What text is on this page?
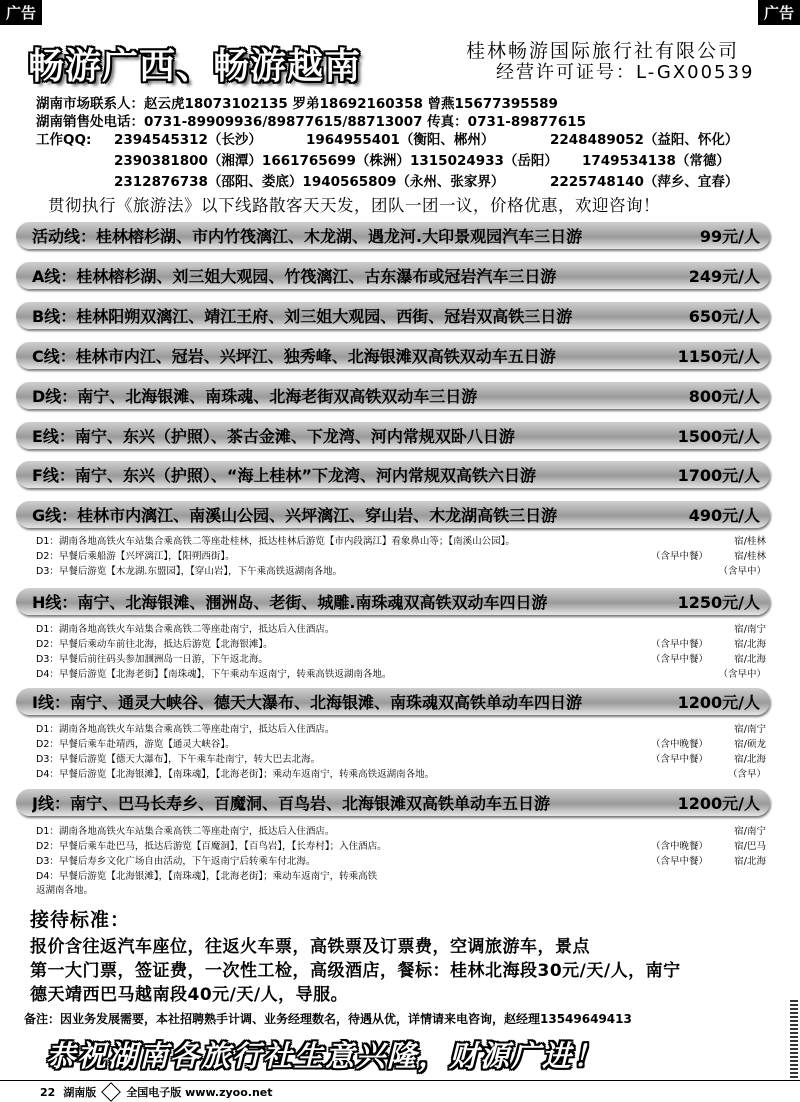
广告	广告
畅游广西、畅游越南	桂林畅游国际旅行社有限公司
经营许可证号：L-GX00539
湖南市场联系人：赵云虎18073102135 罗弟18692160358 曾燕15677395589
湖南销售处电话：0731-89909936/89877615/88713007 传真：0731-89877615
工作QQ: 2394545312（长沙）	1964955401（衡阳、郴州）	2248489052（益阳、怀化）
2390381800（湘潭）1661765699（株洲） 1315024933（岳阳） 1749534138（常德）
2312876738（邵阳、娄底）1940565809（永州、张家界）	2225748140（萍乡、宜春）
贯彻执行《旅游法》以下线路散客天天发，团队一团一议，价格优惠，欢迎咨询！
活动线：桂林榕杉湖、市内竹筏漓江、木龙湖、遇龙河.大印景观园汽车三日游	99元/人
A线：桂林榕杉湖、刘三姐大观园、竹筏漓江、古东瀑布或冠岩汽车三日游	249元/人
B线：桂林阳朔双漓江、靖江王府、刘三姐大观园、西街、冠岩双高铁三日游	650元/人
C线：桂林市内江、冠岩、兴坪江、独秀峰、北海银滩双高铁双动车五日游	1150元/人
D线：南宁、北海银滩、南珠魂、北海老街双高铁双动车三日游	800元/人
E线：南宁、东兴（护照）、茶古金滩、下龙湾、河内常规双卧八日游	1500元/人
F线：南宁、东兴（护照）、“海上桂林”下龙湾、河内常规双高铁六日游	1700元/人
G线：桂林市内漓江、南溪山公园、兴坪漓江、穿山岩、木龙湖高铁三日游	490元/人
D1：湖南各地高铁火车站集合乘高铁二等座赴桂林，抵达桂林后游览【市内段漓江】看象鼻山等；【南溪山公园】。	宿/桂林
D2：早餐后乘船游【兴坪漓江】，【阳朔西街】。	（含早中餐）	宿/桂林
D3：早餐后游览【木龙湖.东盟园】，【穿山岩】，下午乘高铁返湖南各地。	（含早中）
H线：南宁、北海银滩、涠洲岛、老街、城雕.南珠魂双高铁双动车四日游	1250元/人
D1：湖南各地高铁火车站集合乘高铁二等座赴南宁，抵达后入住酒店。	宿/南宁
D2：早餐后乘动车前往北海，抵达后游览【北海银滩】。	（含早中餐）	宿/北海
D3：早餐后前往码头参加涠洲岛一日游，下午返北海。	（含早中餐）	宿/北海
D4：早餐后游览【北海老街】【南珠魂】，下午乘动车返南宁，转乘高铁返湖南各地。	（含早中）
I线：南宁、通灵大峡谷、德天大瀑布、北海银滩、南珠魂双高铁单动车四日游	1200元/人
D1：湖南各地高铁火车站集合乘高铁二等座赴南宁，抵达后入住酒店。	宿/南宁
D2：早餐后乘车赴靖西，游览【通灵大峡谷】。	（含中晚餐）	宿/硕龙
D3：早餐后游览【德天大瀑布】，下午乘车赴南宁，转大巴去北海。	（含早中餐）	宿/北海
D4：早餐后游览【北海银滩】，【南珠魂】，【北海老街】；乘动车返南宁，转乘高铁返湖南各地。	（含早）
J线：南宁、巴马长寿乡、百魔洞、百鸟岩、北海银滩双高铁单动车五日游	1200元/人
D1：湖南各地高铁火车站集合乘高铁二等座赴南宁，抵达后入住酒店。	宿/南宁
D2：早餐后乘车赴巴马，抵达后游览【百魔洞】，【百鸟岩】，【长寿村】；入住酒店。	（含中晚餐）	宿/巴马
D3：早餐后寿乡文化广场自由活动，下午返南宁后转乘车付北海。	（含早中餐）	宿/北海
D4：早餐后游览【北海银滩】，【南珠魂】，【北海老街】；乘动车返南宁，转乘高铁
返湖南各地。
接待标准：
报价含往返汽车座位，往返火车票，高铁票及订票费，空调旅游车，景点
第一大门票，签证费，一次性工检，高级酒店，餐标：桂林北海段30元/天/人，南宁
德天靖西巴马越南段40元/天/人，导服。
备注：因业务发展需要，本社招聘熟手计调、业务经理数名，待遇从优，详情请来电咨询，赵经理13549649413
恭祝湖南各旅行社生意兴隆，财源广进！
22 湖南版	全国电子版 www.zyoo.net
